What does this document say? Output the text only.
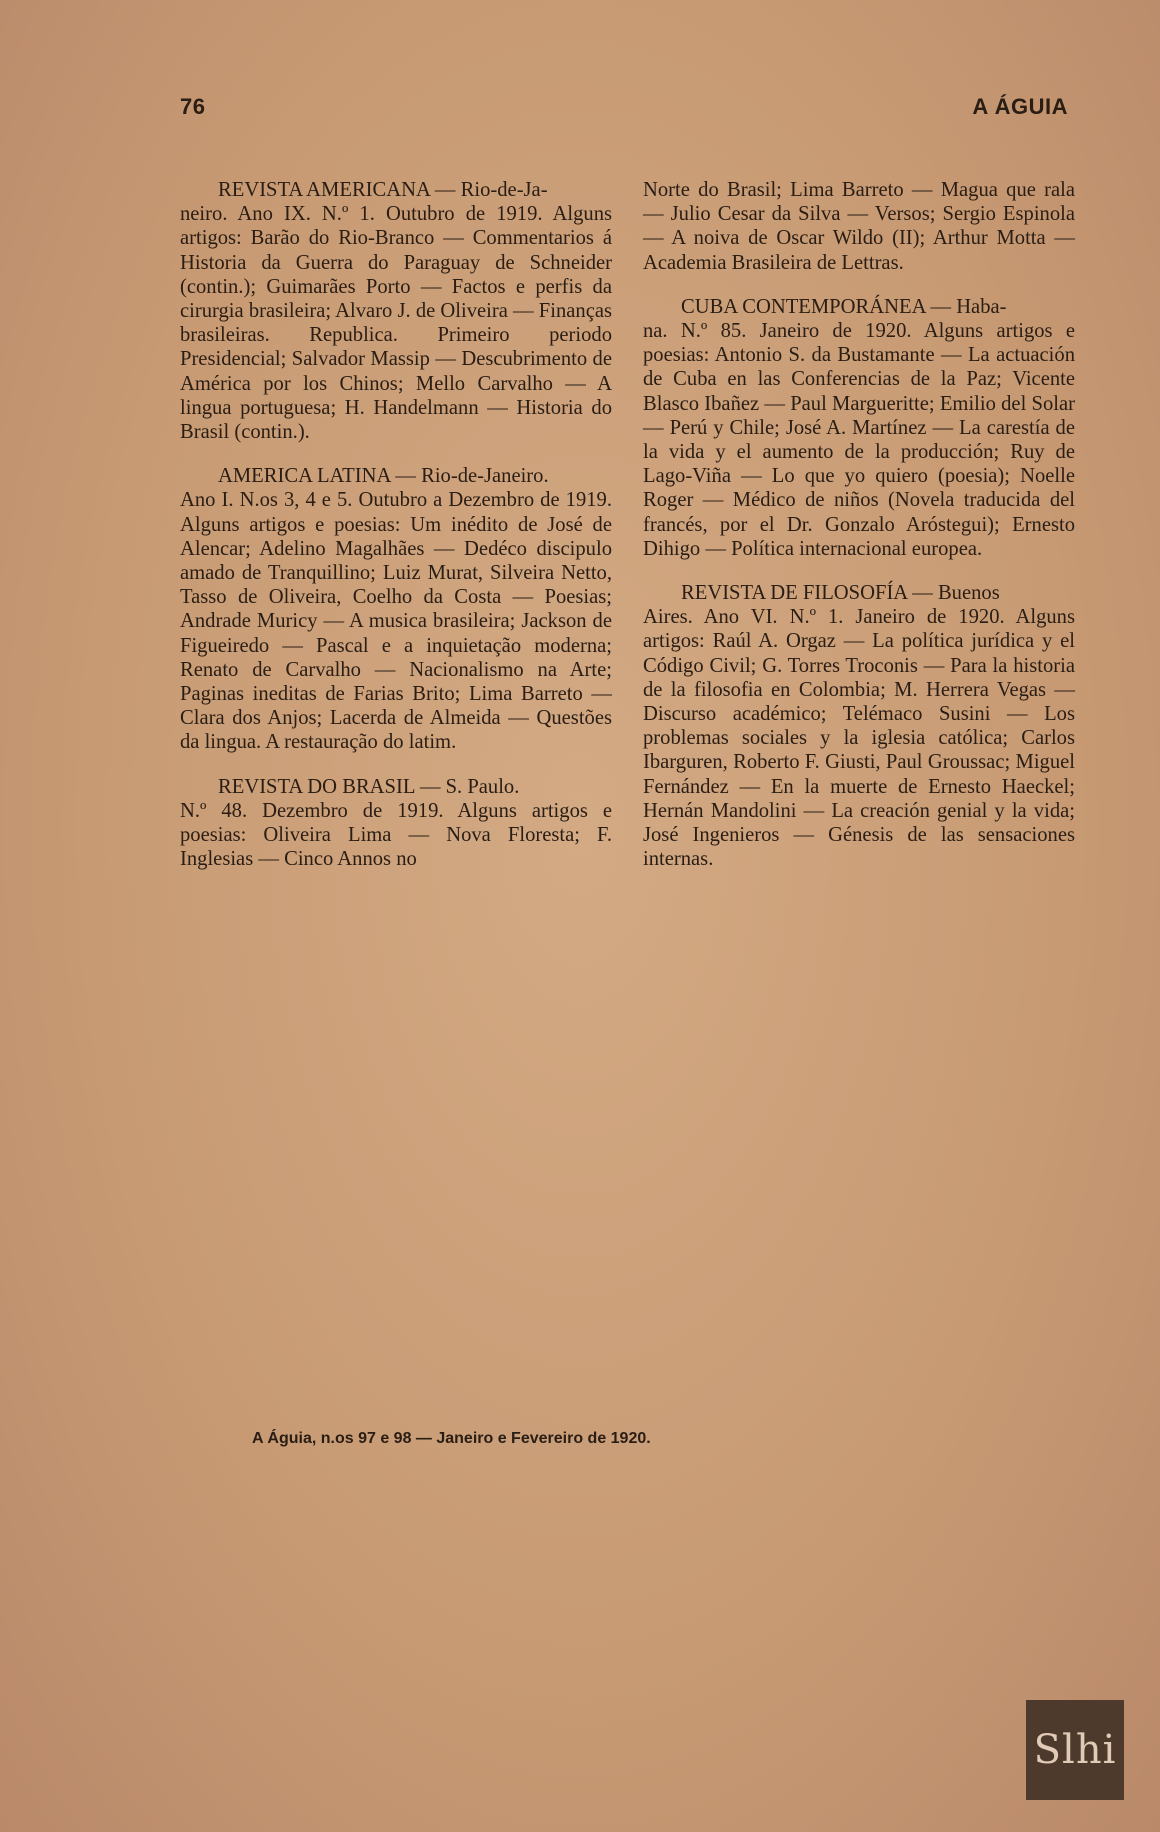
76	A ÁGUIA
REVISTA AMERICANA — Rio-de-Ja-
neiro. Ano IX. N.º 1. Outubro de 1919. Alguns artigos: Barão do Rio-Branco — Commentarios á Historia da Guerra do Paraguay de Schneider (contin.); Guimarães Porto — Factos e perfis da cirurgia brasileira; Alvaro J. de Oliveira — Finanças brasileiras. Republica. Primeiro periodo Presidencial; Salvador Massip — Descubrimento de América por los Chinos; Mello Carvalho — A lingua portuguesa; H. Handelmann — Historia do Brasil (contin.).
AMERICA LATINA — Rio-de-Janeiro.
Ano I. N.os 3, 4 e 5. Outubro a Dezembro de 1919. Alguns artigos e poesias: Um inédito de José de Alencar; Adelino Magalhães — Dedéco discipulo amado de Tranquillino; Luiz Murat, Silveira Netto, Tasso de Oliveira, Coelho da Costa — Poesias; Andrade Muricy — A musica brasileira; Jackson de Figueiredo — Pascal e a inquietação moderna; Renato de Carvalho — Nacionalismo na Arte; Paginas ineditas de Farias Brito; Lima Barreto — Clara dos Anjos; Lacerda de Almeida — Questões da lingua. A restauração do latim.
REVISTA DO BRASIL — S. Paulo.
N.º 48. Dezembro de 1919. Alguns artigos e poesias: Oliveira Lima — Nova Floresta; F. Inglesias — Cinco Annos no
Norte do Brasil; Lima Barreto — Magua que rala — Julio Cesar da Silva — Versos; Sergio Espinola — A noiva de Oscar Wildo (II); Arthur Motta — Academia Brasileira de Lettras.
CUBA CONTEMPORÁNEA — Haba-
na. N.º 85. Janeiro de 1920. Alguns artigos e poesias: Antonio S. da Bustamante — La actuación de Cuba en las Conferencias de la Paz; Vicente Blasco Ibañez — Paul Margueritte; Emilio del Solar — Perú y Chile; José A. Martínez — La carestía de la vida y el aumento de la producción; Ruy de Lago-Viña — Lo que yo quiero (poesia); Noelle Roger — Médico de niños (Novela traducida del francés, por el Dr. Gonzalo Aróstegui); Ernesto Dihigo — Política internacional europea.
REVISTA DE FILOSOFÍA — Buenos
Aires. Ano VI. N.º 1. Janeiro de 1920. Alguns artigos: Raúl A. Orgaz — La política jurídica y el Código Civil; G. Torres Troconis — Para la historia de la filosofia en Colombia; M. Herrera Vegas — Discurso académico; Telémaco Susini — Los problemas sociales y la iglesia católica; Carlos Ibarguren, Roberto F. Giusti, Paul Groussac; Miguel Fernández — En la muerte de Ernesto Haeckel; Hernán Mandolini — La creación genial y la vida; José Ingenieros — Génesis de las sensaciones internas.
A Águia, n.os 97 e 98 — Janeiro e Fevereiro de 1920.
Slhi
